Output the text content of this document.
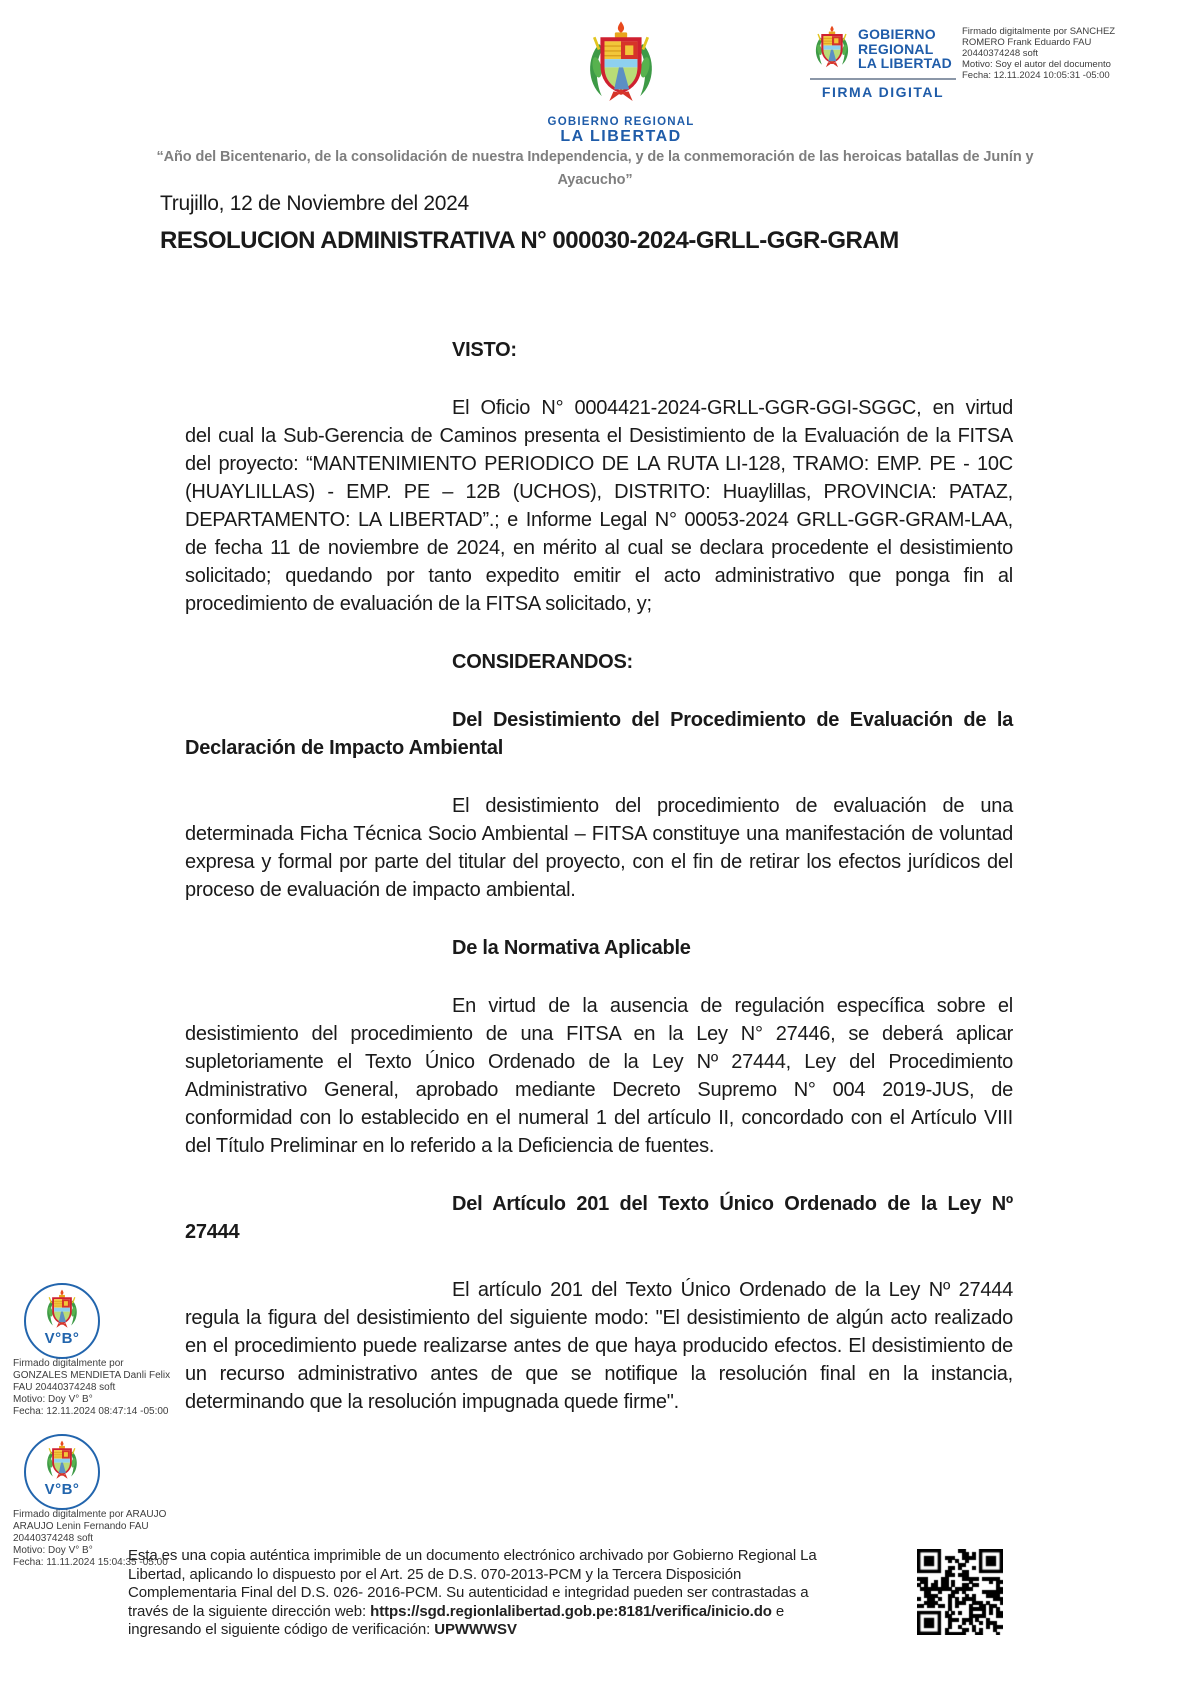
GOBIERNO REGIONAL
LA LIBERTAD
GOBIERNO
REGIONAL
LA LIBERTAD
FIRMA DIGITAL
Firmado digitalmente por SANCHEZ
ROMERO Frank Eduardo FAU
20440374248 soft
Motivo: Soy el autor del documento
Fecha: 12.11.2024 10:05:31 -05:00
“Año del Bicentenario, de la consolidación de nuestra Independencia, y de la conmemoración de las heroicas batallas de Junín y Ayacucho”
Trujillo, 12 de Noviembre del 2024
RESOLUCION ADMINISTRATIVA N° 000030-2024-GRLL-GGR-GRAM

VISTO:

El Oficio N° 0004421-2024-GRLL-GGR-GGI-SGGC, en virtud del cual la Sub-Gerencia de Caminos presenta el Desistimiento de la Evaluación de la FITSA del proyecto: “MANTENIMIENTO PERIODICO DE LA RUTA LI-128, TRAMO: EMP. PE - 10C (HUAYLILLAS) - EMP. PE – 12B (UCHOS), DISTRITO: Huaylillas, PROVINCIA: PATAZ, DEPARTAMENTO: LA LIBERTAD”.; e Informe Legal N° 00053-2024 GRLL-GGR-GRAM-LAA, de fecha 11 de noviembre de 2024, en mérito al cual se declara procedente el desistimiento solicitado; quedando por tanto expedito emitir el acto administrativo que ponga fin al procedimiento de evaluación de la FITSA solicitado, y;

CONSIDERANDOS:

Del Desistimiento del Procedimiento de Evaluación de la Declaración de Impacto Ambiental

El desistimiento del procedimiento de evaluación de una determinada Ficha Técnica Socio Ambiental – FITSA constituye una manifestación de voluntad expresa y formal por parte del titular del proyecto, con el fin de retirar los efectos jurídicos del proceso de evaluación de impacto ambiental.

De la Normativa Aplicable

En virtud de la ausencia de regulación específica sobre el desistimiento del procedimiento de una FITSA en la Ley N° 27446, se deberá aplicar supletoriamente el Texto Único Ordenado de la Ley Nº 27444, Ley del Procedimiento Administrativo General, aprobado mediante Decreto Supremo N° 004 2019-JUS, de conformidad con lo establecido en el numeral 1 del artículo II, concordado con el Artículo VIII del Título Preliminar en lo referido a la Deficiencia de fuentes.

Del Artículo 201 del Texto Único Ordenado de la Ley Nº 27444

El artículo 201 del Texto Único Ordenado de la Ley Nº 27444 regula la figura del desistimiento del siguiente modo: "El desistimiento de algún acto realizado en el procedimiento puede realizarse antes de que haya producido efectos. El desistimiento de un recurso administrativo antes de que se notifique la resolución final en la instancia, determinando que la resolución impugnada quede firme".

V°B°
Firmado digitalmente por
GONZALES MENDIETA Danli Felix
FAU 20440374248 soft
Motivo: Doy V° B°
Fecha: 12.11.2024 08:47:14 -05:00
V°B°
Firmado digitalmente por ARAUJO
ARAUJO Lenin Fernando FAU
20440374248 soft
Motivo: Doy V° B°
Fecha: 11.11.2024 15:04:35 -05:00

Esta es una copia auténtica imprimible de un documento electrónico archivado por Gobierno Regional La Libertad, aplicando lo dispuesto por el Art. 25 de D.S. 070-2013-PCM y la Tercera Disposición Complementaria Final del D.S. 026- 2016-PCM. Su autenticidad e integridad pueden ser contrastadas a través de la siguiente dirección web: https://sgd.regionlalibertad.gob.pe:8181/verifica/inicio.do e ingresando el siguiente código de verificación: UPWWWSV
